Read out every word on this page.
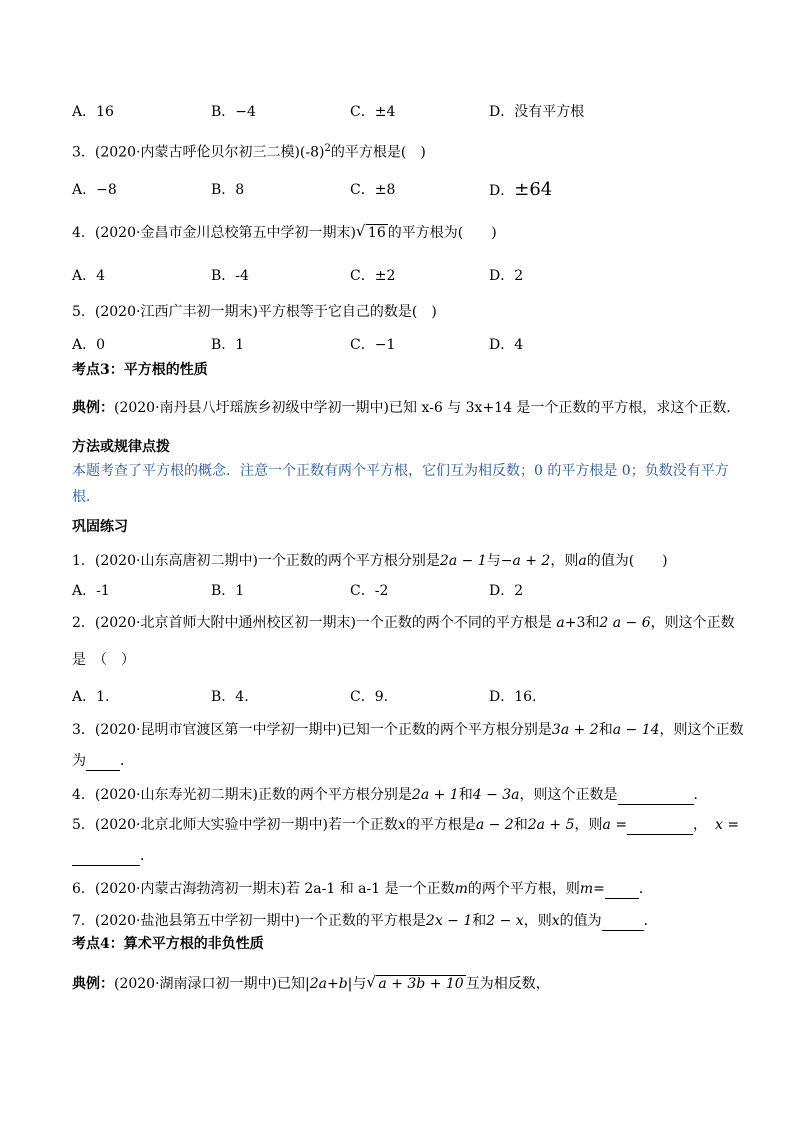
A．16	B．−4	C．±4	D．没有平方根
3．(2020·内蒙古呼伦贝尔初三二模)$(-8)^2$的平方根是(　)
A．−8	B．8	C．±8	D．±64
4．(2020·金昌市金川总校第五中学初一期末) √ 16 的平方根为(　　)
A．4	B．-4	C．±2	D．2
5．(2020·江西广丰初一期末)平方根等于它自己的数是(　)
A．0	B．1	C．−1	D．4
考点3：平方根的性质
典例：(2020·南丹县八圩瑶族乡初级中学初一期中)已知 x-6 与 3x+14 是一个正数的平方根，求这个正数．
方法或规律点拨
本题考查了平方根的概念．注意一个正数有两个平方根，它们互为相反数；0 的平方根是 0；负数没有平方
根．
巩固练习
1．(2020·山东高唐初二期中)一个正数的两个平方根分别是2a − 1与−a + 2，则a的值为(　　)
A．-1	B．1	C．-2	D．2
2．(2020·北京首师大附中通州校区初一期末)一个正数的两个不同的平方根是 a+3和2 a − 6，则这个正数
是　（　）
A．1.	B．4.	C．9.	D．16.
3．(2020·昆明市官渡区第一中学初一期中)已知一个正数的两个平方根分别是3a + 2和a − 14，则这个正数
为 ．
4．(2020·山东寿光初二期末)正数的两个平方根分别是2a + 1和4 − 3a，则这个正数是	．
5．(2020·北京北师大实验中学初一期中)若一个正数x的平方根是a − 2和2a + 5，则a =	， x =
．
6．(2020·内蒙古海勃湾初一期末)若 2a-1 和 a-1 是一个正数m的两个平方根，则m= ．
7．(2020·盐池县第五中学初一期中)一个正数的平方根是2x − 1和2 − x，则x的值为	．
考点4：算术平方根的非负性质
典例：(2020·湖南渌口初一期中)已知|2a+b|与 √ a + 3b + 10 互为相反数，
